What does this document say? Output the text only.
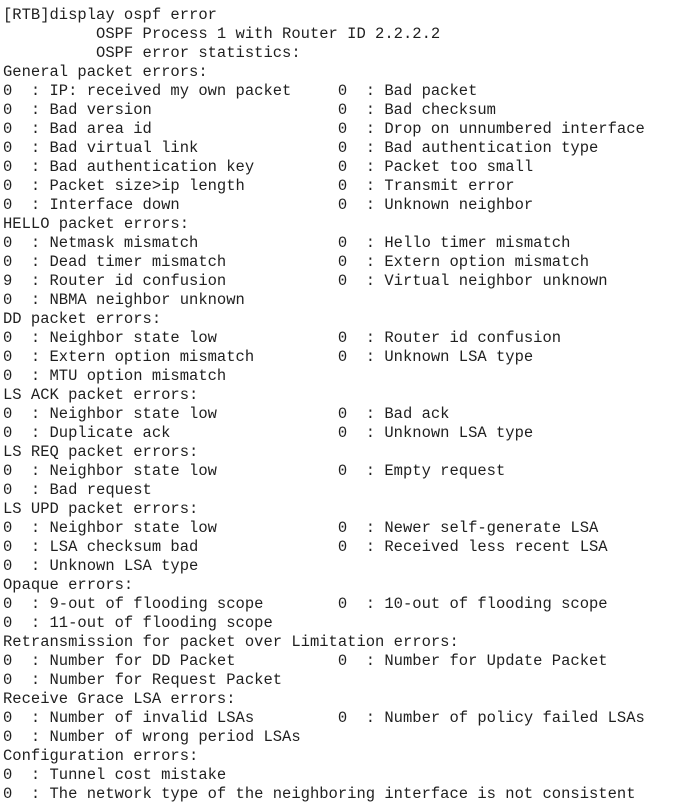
[RTB]display ospf error
OSPF Process 1 with Router ID 2.2.2.2
OSPF error statistics:
General packet errors:
0  : IP: received my own packet     0  : Bad packet
0  : Bad version                    0  : Bad checksum
0  : Bad area id                    0  : Drop on unnumbered interface
0  : Bad virtual link               0  : Bad authentication type
0  : Bad authentication key         0  : Packet too small
0  : Packet size>ip length          0  : Transmit error
0  : Interface down                 0  : Unknown neighbor
HELLO packet errors:
0  : Netmask mismatch               0  : Hello timer mismatch
0  : Dead timer mismatch            0  : Extern option mismatch
9  : Router id confusion            0  : Virtual neighbor unknown
0  : NBMA neighbor unknown
DD packet errors:
0  : Neighbor state low             0  : Router id confusion
0  : Extern option mismatch         0  : Unknown LSA type
0  : MTU option mismatch
LS ACK packet errors:
0  : Neighbor state low             0  : Bad ack
0  : Duplicate ack                  0  : Unknown LSA type
LS REQ packet errors:
0  : Neighbor state low             0  : Empty request
0  : Bad request
LS UPD packet errors:
0  : Neighbor state low             0  : Newer self-generate LSA
0  : LSA checksum bad               0  : Received less recent LSA
0  : Unknown LSA type
Opaque errors:
0  : 9-out of flooding scope        0  : 10-out of flooding scope
0  : 11-out of flooding scope
Retransmission for packet over Limitation errors:
0  : Number for DD Packet           0  : Number for Update Packet
0  : Number for Request Packet
Receive Grace LSA errors:
0  : Number of invalid LSAs         0  : Number of policy failed LSAs
0  : Number of wrong period LSAs
Configuration errors:
0  : Tunnel cost mistake
0  : The network type of the neighboring interface is not consistent
